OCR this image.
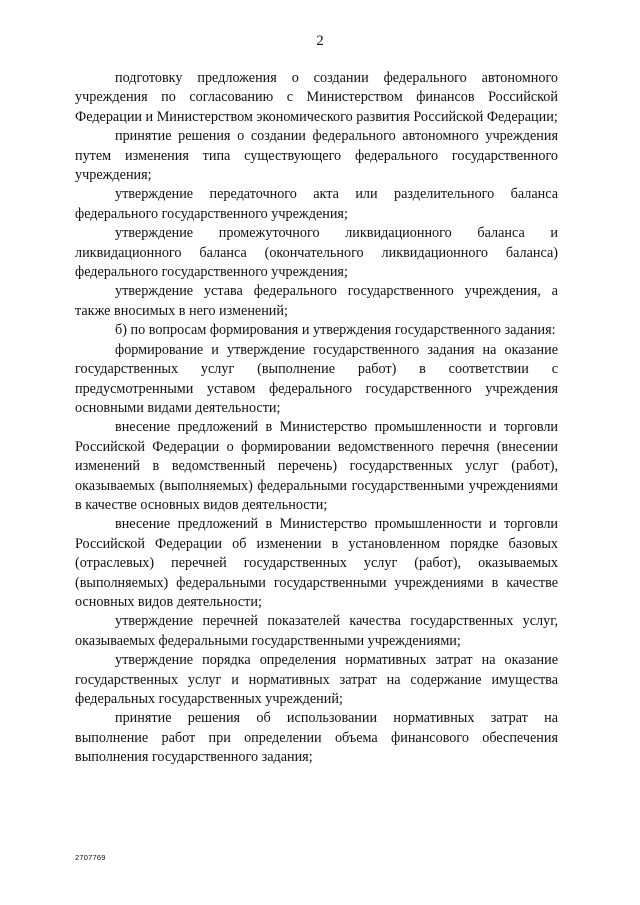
2

подготовку предложения о создании федерального автономного учреждения по согласованию с Министерством финансов Российской Федерации и Министерством экономического развития Российской Федерации;

принятие решения о создании федерального автономного учреждения путем изменения типа существующего федерального государственного учреждения;

утверждение передаточного акта или разделительного баланса федерального государственного учреждения;

утверждение промежуточного ликвидационного баланса и ликвидационного баланса (окончательного ликвидационного баланса) федерального государственного учреждения;

утверждение устава федерального государственного учреждения, а также вносимых в него изменений;

б) по вопросам формирования и утверждения государственного задания:

формирование и утверждение государственного задания на оказание государственных услуг (выполнение работ) в соответствии с предусмотренными уставом федерального государственного учреждения основными видами деятельности;

внесение предложений в Министерство промышленности и торговли Российской Федерации о формировании ведомственного перечня (внесении изменений в ведомственный перечень) государственных услуг (работ), оказываемых (выполняемых) федеральными государственными учреждениями в качестве основных видов деятельности;

внесение предложений в Министерство промышленности и торговли Российской Федерации об изменении в установленном порядке базовых (отраслевых) перечней государственных услуг (работ), оказываемых (выполняемых) федеральными государственными учреждениями в качестве основных видов деятельности;

утверждение перечней показателей качества государственных услуг, оказываемых федеральными государственными учреждениями;

утверждение порядка определения нормативных затрат на оказание государственных услуг и нормативных затрат на содержание имущества федеральных государственных учреждений;

принятие решения об использовании нормативных затрат на выполнение работ при определении объема финансового обеспечения выполнения государственного задания;

2707769
